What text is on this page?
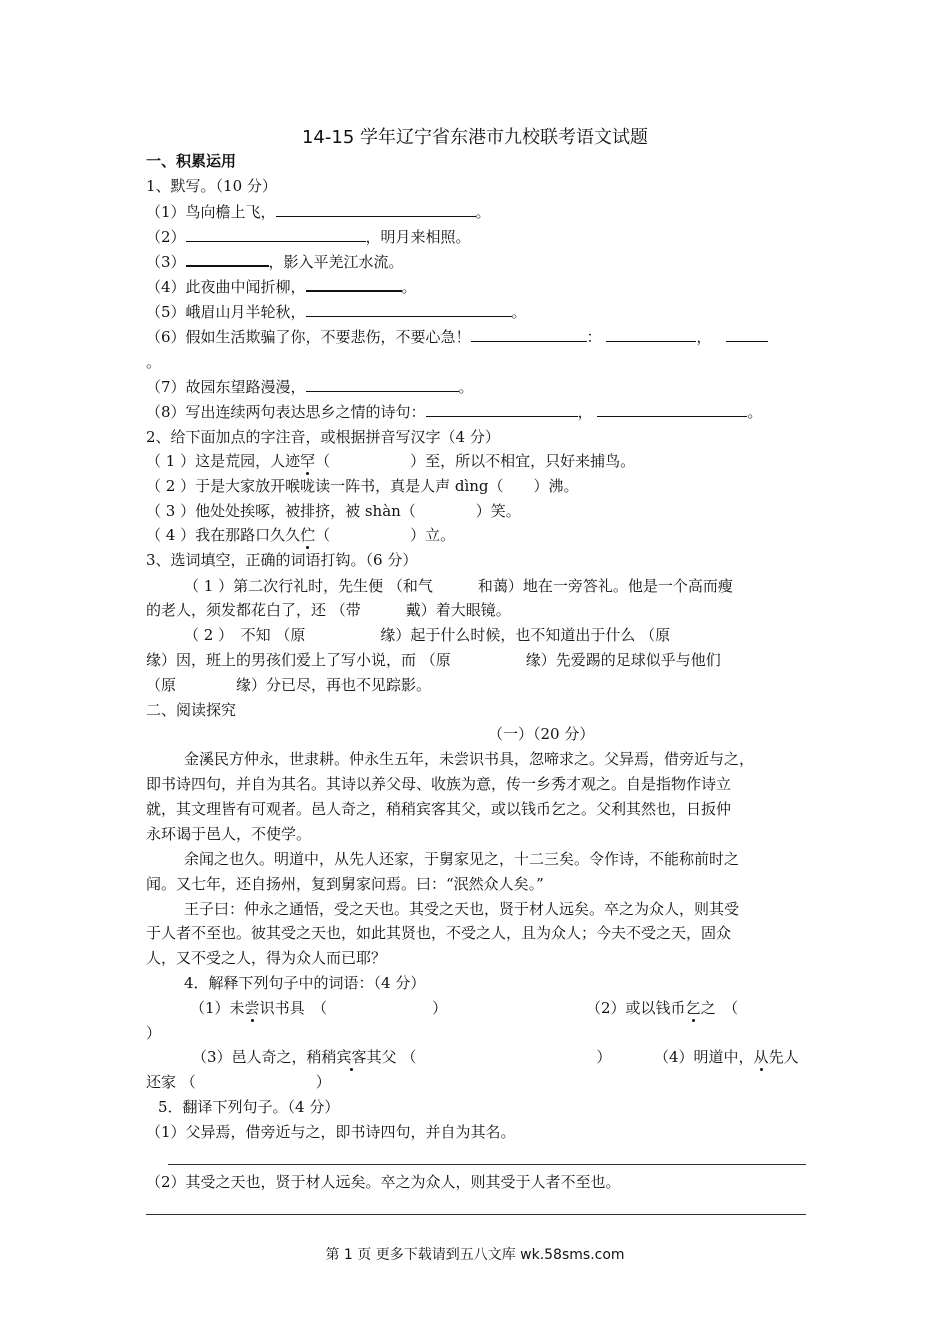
14-15 学年辽宁省东港市九校联考语文试题
一、积累运用
1、默写。（10 分）
（1）鸟向檐上飞，	。
（2）	，明月来相照。
（3）	，影入平羌江水流。
（4）此夜曲中闻折柳，	。
（5）峨眉山月半轮秋，	。
（6）假如生活欺骗了你，不要悲伤，不要心急！	：	，
。
（7）故园东望路漫漫，	。
（8）写出连续两句表达思乡之情的诗句：	，	。
2、给下面加点的字注音，或根据拼音写汉字（4 分）
（ 1 ）这是荒园，人迹罕（	）至，所以不相宜，只好来捕鸟。
（ 2 ）于是大家放开喉咙读一阵书，真是人声 dìng（　　）沸。
（ 3 ）他处处挨啄，被排挤，被 shàn（　　　　）笑。
（ 4 ）我在那路口久久伫（	）立。
3、选词填空，正确的词语打钩。（6 分）
（ 1 ）第二次行礼时，先生便 （和气　　　和蔼）地在一旁答礼。他是一个高而瘦
的老人，须发都花白了，还 （带　　　戴）着大眼镜。
（ 2 ）　不知 （原　　　　　缘）起于什么时候，也不知道出于什么 （原
缘）因，班上的男孩们爱上了写小说，而 （原　　　　　缘）先爱踢的足球似乎与他们
（原　　　　缘）分已尽，再也不见踪影。
二、阅读探究
（一）（20 分）
金溪民方仲永，世隶耕。仲永生五年，未尝识书具，忽啼求之。父异焉，借旁近与之，
即书诗四句，并自为其名。其诗以养父母、收族为意，传一乡秀才观之。自是指物作诗立
就，其文理皆有可观者。邑人奇之，稍稍宾客其父，或以钱币乞之。父利其然也，日扳仲
永环谒于邑人，不使学。
余闻之也久。明道中，从先人还家，于舅家见之，十二三矣。令作诗，不能称前时之
闻。又七年，还自扬州，复到舅家问焉。曰：“泯然众人矣。”
王子曰：仲永之通悟，受之天也。其受之天也，贤于材人远矣。卒之为众人，则其受
于人者不至也。彼其受之天也，如此其贤也，不受之人，且为众人；今夫不受之天，固众
人，又不受之人，得为众人而已耶？
4．解释下列句子中的词语：（4 分）
（1）未尝识书具　（　　　　　　　）	（2）或以钱币乞之　（
）
（3）邑人奇之，稍稍宾客其父 （　　　　　　　　　　　　）	（4）明道中，从先人
还家 （　　　　　　　　）
5．翻译下列句子。（4 分）
（1）父异焉，借旁近与之，即书诗四句，并自为其名。
（2）其受之天也，贤于材人远矣。卒之为众人，则其受于人者不至也。
第 1 页 更多下载请到五八文库 wk.58sms.com
